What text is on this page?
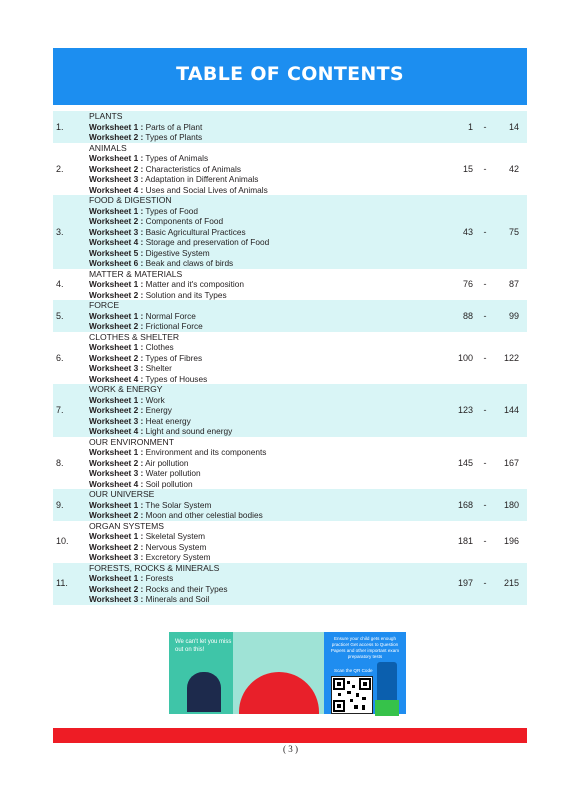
TABLE OF CONTENTS
1.
PLANTS
Worksheet 1 : Parts of a Plant
Worksheet 2 : Types of Plants
1	-	14
2.
ANIMALS
Worksheet 1 : Types of Animals
Worksheet 2 : Characteristics of Animals
Worksheet 3 : Adaptation in Different Animals
Worksheet 4 : Uses and Social Lives of Animals
15	-	42
3.
FOOD & DIGESTION
Worksheet 1 : Types of Food
Worksheet 2 : Components of Food
Worksheet 3 : Basic Agricultural Practices
Worksheet 4 : Storage and preservation of Food
Worksheet 5 : Digestive System
Worksheet 6 : Beak and claws of birds
43	-	75
4.
MATTER & MATERIALS
Worksheet 1 : Matter and it's composition
Worksheet 2 : Solution and its Types
76	-	87
5.
FORCE
Worksheet 1 : Normal Force
Worksheet 2 : Frictional Force
88	-	99
6.
CLOTHES & SHELTER
Worksheet 1 : Clothes
Worksheet 2 : Types of Fibres
Worksheet 3 : Shelter
Worksheet 4 : Types of Houses
100	-	122
7.
WORK & ENERGY
Worksheet 1 : Work
Worksheet 2 : Energy
Worksheet 3 : Heat energy
Worksheet 4 : Light and sound energy
123	-	144
8.
OUR ENVIRONMENT
Worksheet 1 : Environment and its components
Worksheet 2 : Air pollution
Worksheet 3 : Water pollution
Worksheet 4 : Soil pollution
145	-	167
9.
OUR UNIVERSE
Worksheet 1 : The Solar System
Worksheet 2 : Moon and other celestial bodies
168	-	180
10.
ORGAN SYSTEMS
Worksheet 1 : Skeletal System
Worksheet 2 : Nervous System
Worksheet 3 : Excretory System
181	-	196
11.
FORESTS, ROCKS & MINERALS
Worksheet 1 : Forests
Worksheet 2 : Rocks and their Types
Worksheet 3 : Minerals and Soil
197	-	215
We can't let you miss out on this!
Ensure your child gets enough practice! Get access to Question Papers and other important exam preparatory tests
Scan the QR Code
( 3 )
